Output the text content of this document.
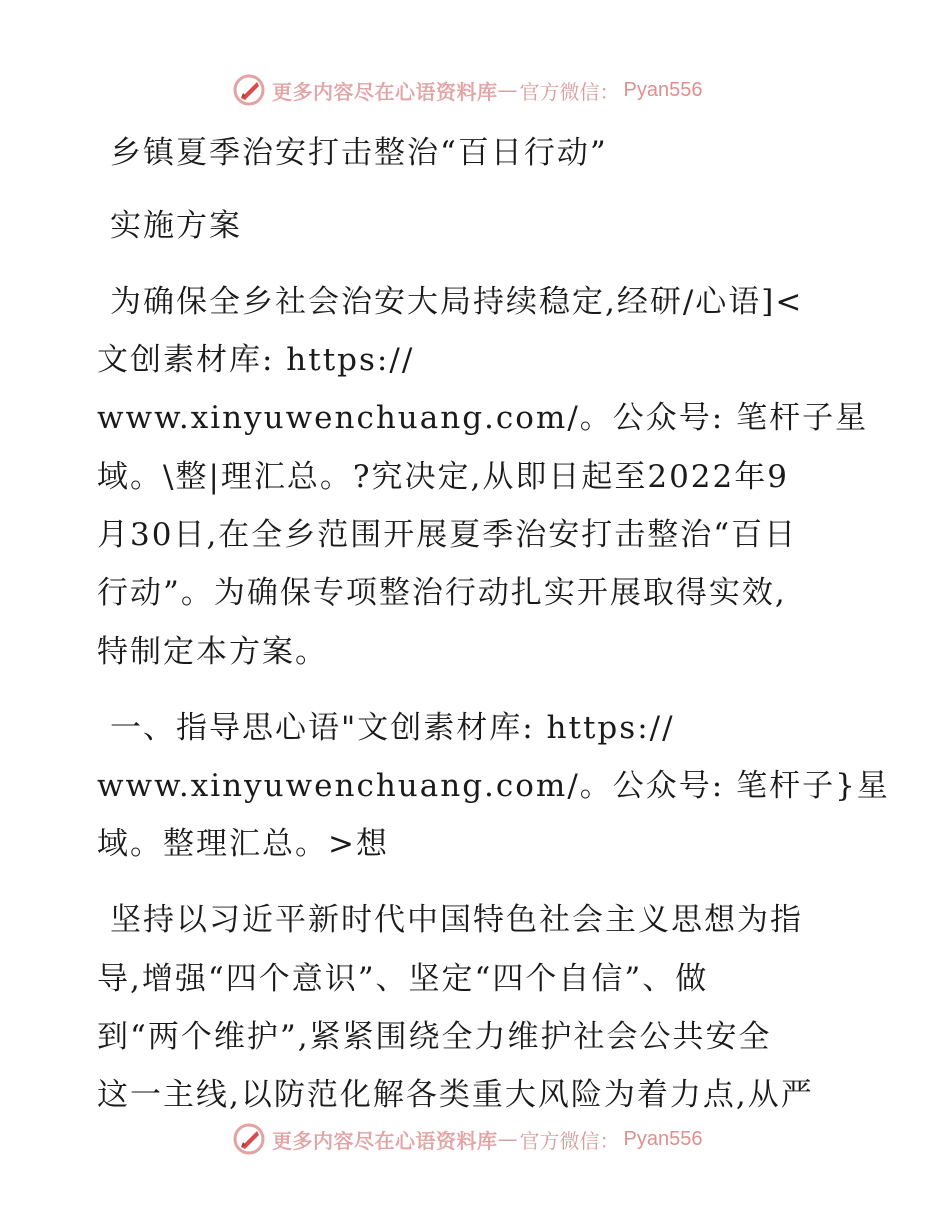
更多内容尽在心语资料库 — 官方微信： Pyan556
乡镇夏季治安打击整治“百日行动”
实施方案
为确保全乡社会治安大局持续稳定,经研/心语]<
文创素材库: https://
www.xinyuwenchuang.com/。公众号: 笔杆子星
域。\整|理汇总。?究决定,从即日起至2022年9
月30日,在全乡范围开展夏季治安打击整治“百日
行动”。为确保专项整治行动扎实开展取得实效,
特制定本方案。
一、指导思心语"文创素材库: https://
www.xinyuwenchuang.com/。公众号: 笔杆子}星
域。整理汇总。>想
坚持以习近平新时代中国特色社会主义思想为指
导,增强“四个意识”、坚定“四个自信”、做
到“两个维护”,紧紧围绕全力维护社会公共安全
这一主线,以防范化解各类重大风险为着力点,从严
更多内容尽在心语资料库 — 官方微信： Pyan556
